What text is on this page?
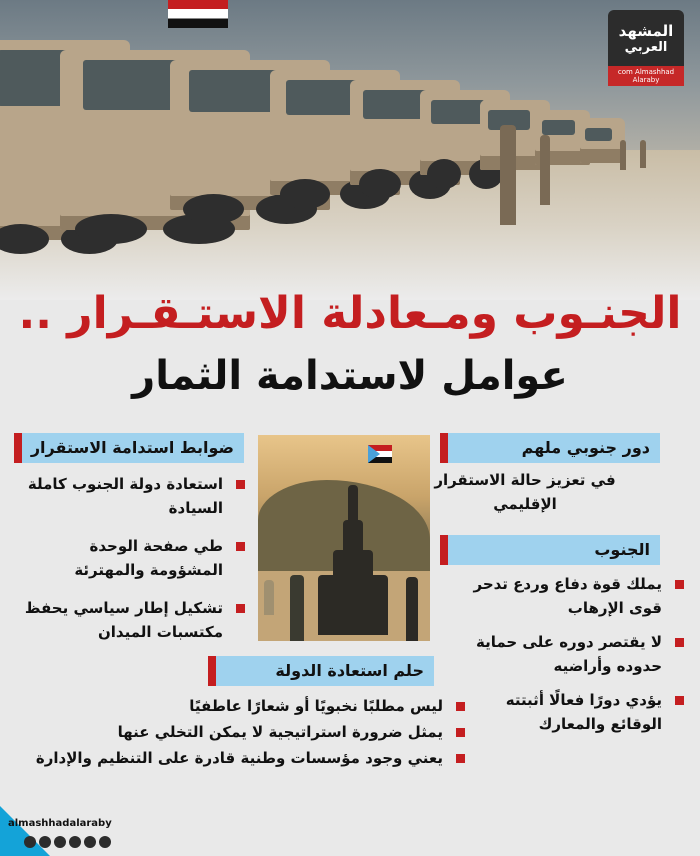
المشهد
العربي
com Almashhad Alaraby
الجنـوب ومـعادلة الاستـقـرار ..
عوامل لاستدامة الثمار
دور جنوبي ملهم
في تعزيز حالة الاستقرار
الإقليمي
الجنوب
يملك قوة دفاع وردع تدحر
قوى الإرهاب
لا يقتصر دوره على حماية
حدوده وأراضيه
يؤدي دورًا فعالًا أثبتته
الوقائع والمعارك
ضوابط استدامة الاستقرار
استعادة دولة الجنوب كاملة
السيادة
طي صفحة الوحدة
المشؤومة والمهترئة
تشكيل إطار سياسي يحفظ
مكتسبات الميدان
حلم استعادة الدولة
ليس مطلبًا نخبويًا أو شعارًا عاطفيًا
يمثل ضرورة استراتيجية لا يمكن التخلي عنها
يعني وجود مؤسسات وطنية قادرة على التنظيم والإدارة
almashhadalaraby
